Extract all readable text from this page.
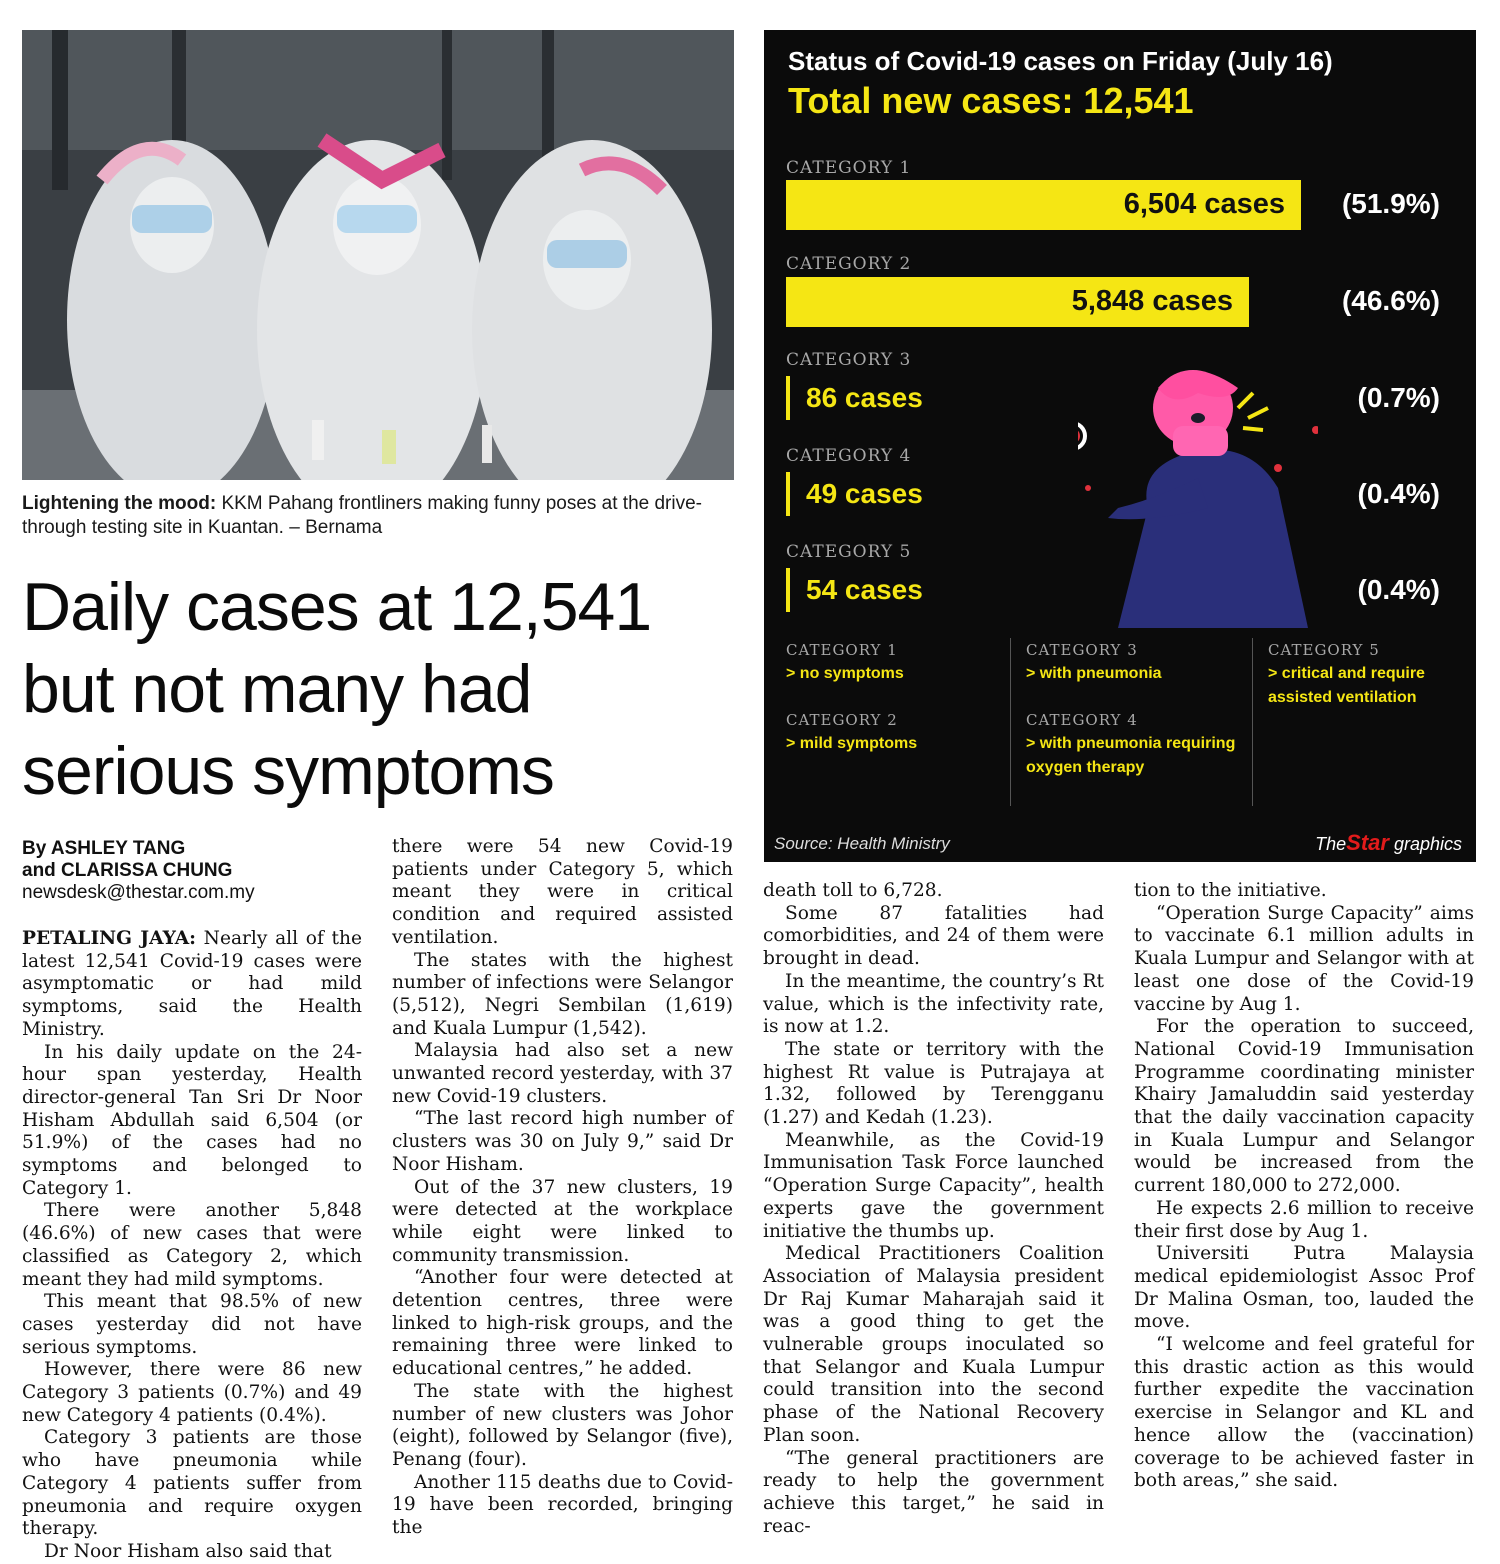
Lightening the mood: KKM Pahang frontliners making funny poses at the drive-through testing site in Kuantan. – Bernama
Daily cases at 12,541
but not many had
serious symptoms
Status of Covid-19 cases on Friday (July 16)
Total new cases: 12,541
CATEGORY 1
6,504 cases (51.9%)
CATEGORY 2
5,848 cases	(46.6%)
CATEGORY 3
86 cases	(0.7%)
CATEGORY 4
49 cases	(0.4%)
CATEGORY 5
54 cases	(0.4%)
CATEGORY 1
> no symptoms
CATEGORY 2
> mild symptoms
CATEGORY 3
> with pneumonia
CATEGORY 4
> with pneumonia requiring oxygen therapy
CATEGORY 5
> critical and require assisted ventilation
Source: Health Ministry	TheStar graphics
By ASHLEY TANG
and CLARISSA CHUNG
newsdesk@thestar.com.my

PETALING JAYA: Nearly all of the latest 12,541 Covid-19 cases were asymptomatic or had mild symptoms, said the Health Ministry.

In his daily update on the 24-hour span yesterday, Health director-general Tan Sri Dr Noor Hisham Abdullah said 6,504 (or 51.9%) of the cases had no symptoms and belonged to Category 1.

There were another 5,848 (46.6%) of new cases that were classified as Category 2, which meant they had mild symptoms.

This meant that 98.5% of new cases yesterday did not have serious symptoms.

However, there were 86 new Category 3 patients (0.7%) and 49 new Category 4 patients (0.4%).

Category 3 patients are those who have pneumonia while Category 4 patients suffer from pneumonia and require oxygen therapy.

Dr Noor Hisham also said that

there were 54 new Covid-19 patients under Category 5, which meant they were in critical condition and required assisted ventilation.

The states with the highest number of infections were Selangor (5,512), Negri Sembilan (1,619) and Kuala Lumpur (1,542).

Malaysia had also set a new unwanted record yesterday, with 37 new Covid-19 clusters.

“The last record high number of clusters was 30 on July 9,” said Dr Noor Hisham.

Out of the 37 new clusters, 19 were detected at the workplace while eight were linked to community transmission.

“Another four were detected at detention centres, three were linked to high-risk groups, and the remaining three were linked to educational centres,” he added.

The state with the highest number of new clusters was Johor (eight), followed by Selangor (five), Penang (four).

Another 115 deaths due to Covid-19 have been recorded, bringing the

death toll to 6,728.

Some 87 fatalities had comorbidities, and 24 of them were brought in dead.

In the meantime, the country’s Rt value, which is the infectivity rate, is now at 1.2.

The state or territory with the highest Rt value is Putrajaya at 1.32, followed by Terengganu (1.27) and Kedah (1.23).

Meanwhile, as the Covid-19 Immunisation Task Force launched “Operation Surge Capacity”, health experts gave the government initiative the thumbs up.

Medical Practitioners Coalition Association of Malaysia president Dr Raj Kumar Maharajah said it was a good thing to get the vulnerable groups inoculated so that Selangor and Kuala Lumpur could transition into the second phase of the National Recovery Plan soon.

“The general practitioners are ready to help the government achieve this target,” he said in reac-

tion to the initiative.

“Operation Surge Capacity” aims to vaccinate 6.1 million adults in Kuala Lumpur and Selangor with at least one dose of the Covid-19 vaccine by Aug 1.

For the operation to succeed, National Covid-19 Immunisation Programme coordinating minister Khairy Jamaluddin said yesterday that the daily vaccination capacity in Kuala Lumpur and Selangor would be increased from the current 180,000 to 272,000.

He expects 2.6 million to receive their first dose by Aug 1.

Universiti Putra Malaysia medical epidemiologist Assoc Prof Dr Malina Osman, too, lauded the move.

“I welcome and feel grateful for this drastic action as this would further expedite the vaccination exercise in Selangor and KL and hence allow the (vaccination) coverage to be achieved faster in both areas,” she said.
